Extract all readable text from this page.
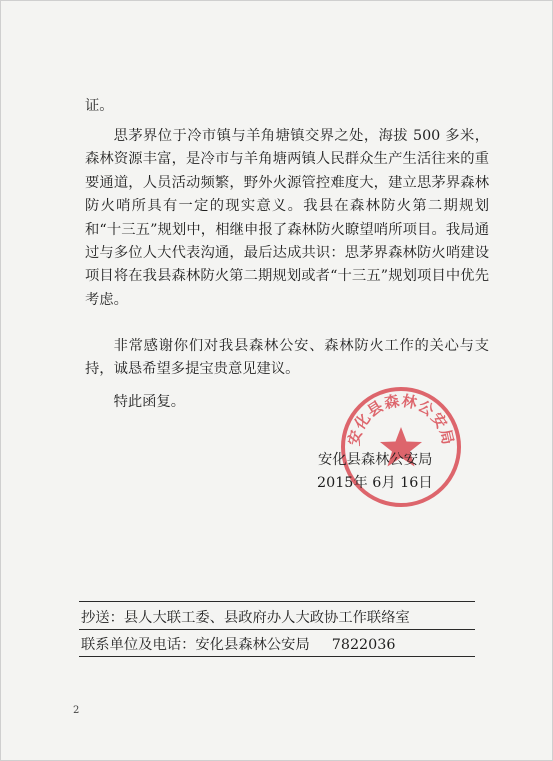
证。

思茅界位于冷市镇与羊角塘镇交界之处，海拔 500 多米，森林资源丰富，是冷市与羊角塘两镇人民群众生产生活往来的重要通道，人员活动频繁，野外火源管控难度大，建立思茅界森林防火哨所具有一定的现实意义。我县在森林防火第二期规划和“十三五”规划中，相继申报了森林防火瞭望哨所项目。我局通过与多位人大代表沟通，最后达成共识：思茅界森林防火哨建设项目将在我县森林防火第二期规划或者“十三五”规划项目中优先考虑。

非常感谢你们对我县森林公安、森林防火工作的关心与支持，诚恳希望多提宝贵意见建议。

特此函复。

安化县森林公安局

安化县森林公安局

2015年 6月 16日

抄送：县人大联工委、县政府办人大政协工作联络室

联系单位及电话：安化县森林公安局 7822036

2
